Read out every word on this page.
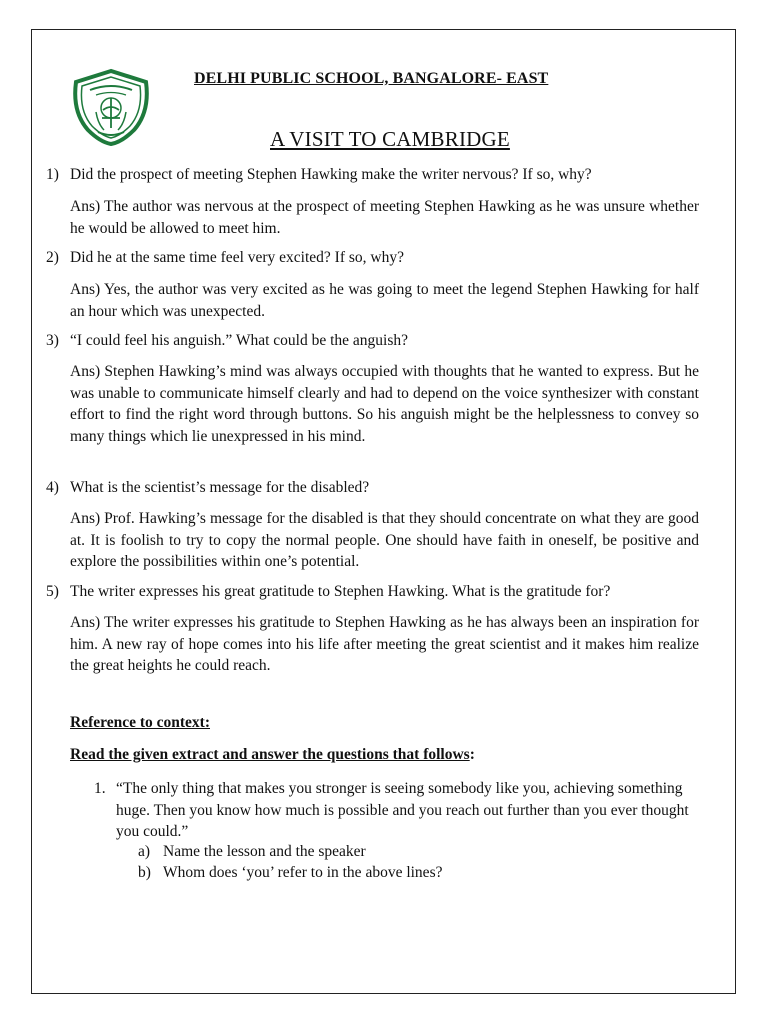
DELHI PUBLIC SCHOOL, BANGALORE- EAST
A VISIT TO CAMBRIDGE
1) Did the prospect of meeting Stephen Hawking make the writer nervous? If so, why?
Ans) The author was nervous at the prospect of meeting Stephen Hawking as he was unsure whether he would be allowed to meet him.
2) Did he at the same time feel very excited? If so, why?
Ans) Yes, the author was very excited as he was going to meet the legend Stephen Hawking for half an hour which was unexpected.
3) “I could feel his anguish.” What could be the anguish?
Ans) Stephen Hawking’s mind was always occupied with thoughts that he wanted to express. But he was unable to communicate himself clearly and had to depend on the voice synthesizer with constant effort to find the right word through buttons. So his anguish might be the helplessness to convey so many things which lie unexpressed in his mind.
4) What is the scientist’s message for the disabled?
Ans) Prof. Hawking’s message for the disabled is that they should concentrate on what they are good at. It is foolish to try to copy the normal people. One should have faith in oneself, be positive and explore the possibilities within one’s potential.
5) The writer expresses his great gratitude to Stephen Hawking. What is the gratitude for?
Ans) The writer expresses his gratitude to Stephen Hawking as he has always been an inspiration for him. A new ray of hope comes into his life after meeting the great scientist and it makes him realize the great heights he could reach.
Reference to context:
Read the given extract and answer the questions that follows:
1. “The only thing that makes you stronger is seeing somebody like you, achieving something huge. Then you know how much is possible and you reach out further than you ever thought you could.”
a) Name the lesson and the speaker
b) Whom does ‘you’ refer to in the above lines?
